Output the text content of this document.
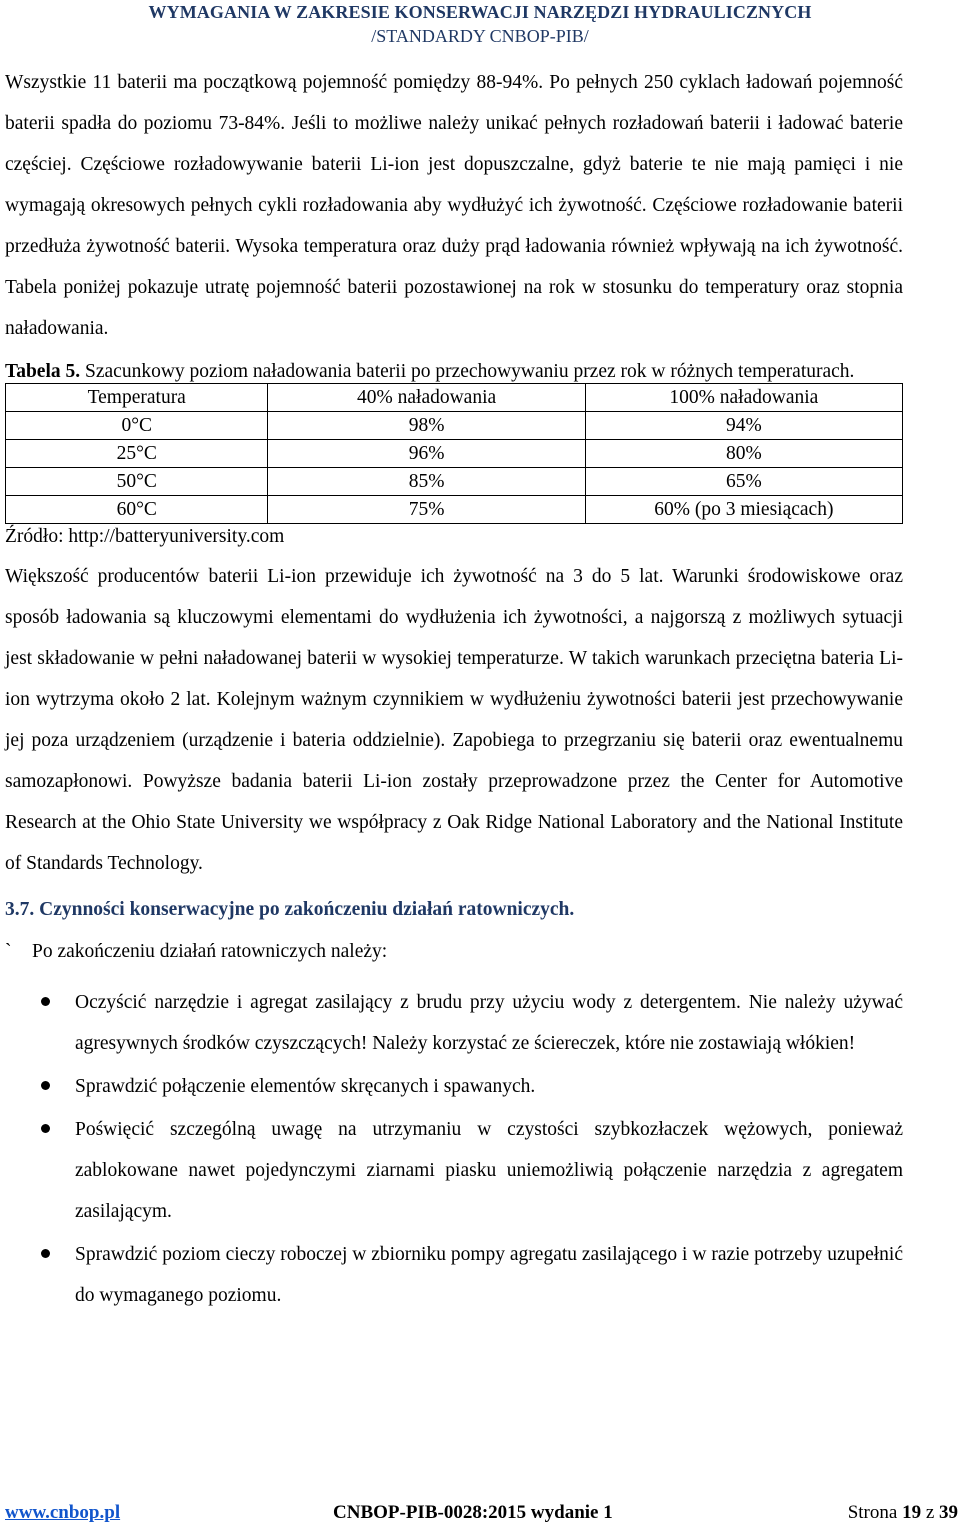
WYMAGANIA W ZAKRESIE KONSERWACJI NARZĘDZI HYDRAULICZNYCH
/STANDARDY CNBOP-PIB/

Wszystkie 11 baterii ma początkową pojemność pomiędzy 88-94%. Po pełnych 250 cyklach ładowań pojemność baterii spadła do poziomu 73-84%. Jeśli to możliwe należy unikać pełnych rozładowań baterii i ładować baterie częściej. Częściowe rozładowywanie baterii Li-ion jest dopuszczalne, gdyż baterie te nie mają pamięci i nie wymagają okresowych pełnych cykli rozładowania aby wydłużyć ich żywotność. Częściowe rozładowanie baterii przedłuża żywotność baterii. Wysoka temperatura oraz duży prąd ładowania również wpływają na ich żywotność. Tabela poniżej pokazuje utratę pojemność baterii pozostawionej na rok w stosunku do temperatury oraz stopnia naładowania.

Tabela 5. Szacunkowy poziom naładowania baterii po przechowywaniu przez rok w różnych temperaturach.

Temperatura	40% naładowania	100% naładowania
0°C	98%	94%
25°C	96%	80%
50°C	85%	65%
60°C	75%	60% (po 3 miesiącach)

Źródło: http://batteryuniversity.com

Większość producentów baterii Li-ion przewiduje ich żywotność na 3 do 5 lat. Warunki środowiskowe oraz sposób ładowania są kluczowymi elementami do wydłużenia ich żywotności, a najgorszą z możliwych sytuacji jest składowanie w pełni naładowanej baterii w wysokiej temperaturze. W takich warunkach przeciętna bateria Li-ion wytrzyma około 2 lat. Kolejnym ważnym czynnikiem w wydłużeniu żywotności baterii jest przechowywanie jej poza urządzeniem (urządzenie i bateria oddzielnie). Zapobiega to przegrzaniu się baterii oraz ewentualnemu samozapłonowi. Powyższe badania baterii Li-ion zostały przeprowadzone przez the Center for Automotive Research at the Ohio State University we współpracy z Oak Ridge National Laboratory and the National Institute of Standards Technology.

3.7. Czynności konserwacyjne po zakończeniu działań ratowniczych.

` Po zakończeniu działań ratowniczych należy:

Oczyścić narzędzie i agregat zasilający z brudu przy użyciu wody z detergentem. Nie należy używać agresywnych środków czyszczących! Należy korzystać ze ściereczek, które nie zostawiają włókien!
Sprawdzić połączenie elementów skręcanych i spawanych.
Poświęcić szczególną uwagę na utrzymaniu w czystości szybkozłaczek wężowych, ponieważ zablokowane nawet pojedynczymi ziarnami piasku uniemożliwią połączenie narzędzia z agregatem zasilającym.
Sprawdzić poziom cieczy roboczej w zbiorniku pompy agregatu zasilającego i w razie potrzeby uzupełnić do wymaganego poziomu.
www.cnbop.pl	CNBOP-PIB-0028:2015 wydanie 1	Strona 19 z 39
